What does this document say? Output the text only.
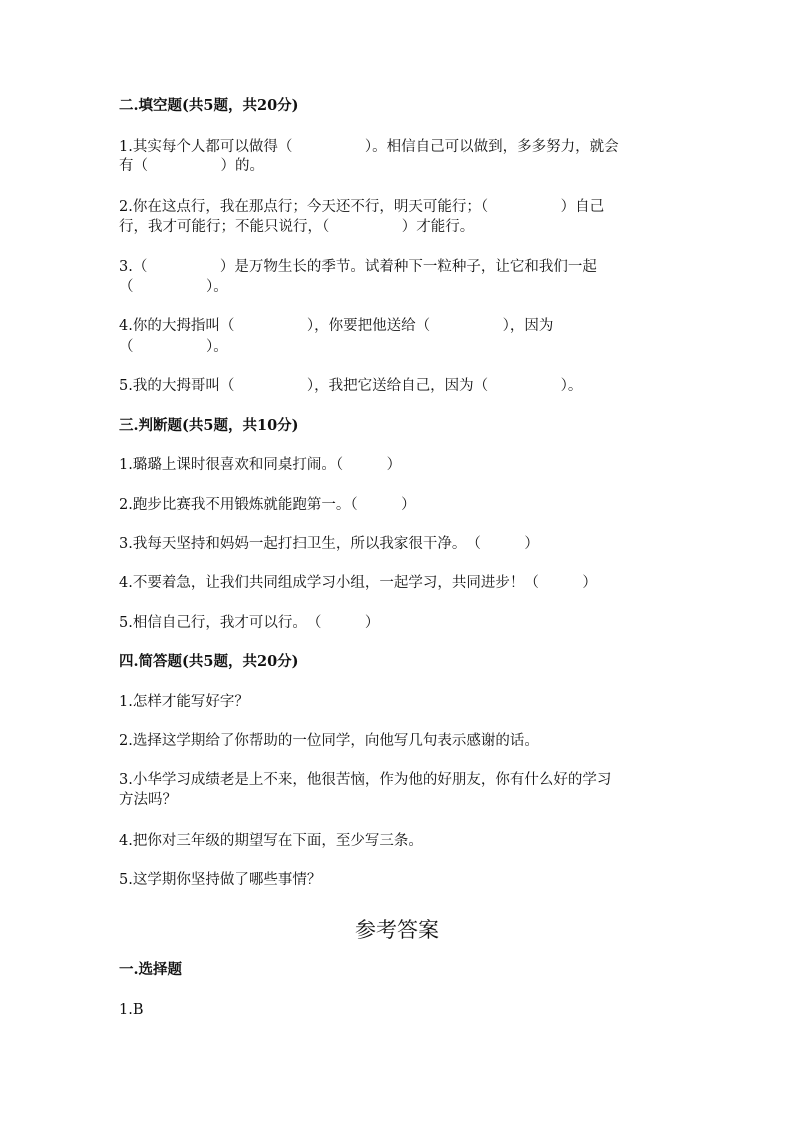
二.填空题(共5题，共20分)
1.其实每个人都可以做得（　　　　　）。相信自己可以做到，多多努力，就会
有（　　　　　）的。
2.你在这点行，我在那点行；今天还不行，明天可能行；（　　　　　）自己
行，我才可能行；不能只说行，（　　　　　）才能行。
3.（　　　　　）是万物生长的季节。试着种下一粒种子，让它和我们一起
（　　　　　）。
4.你的大拇指叫（　　　　　），你要把他送给（　　　　　），因为
（　　　　　）。
5.我的大拇哥叫（　　　　　），我把它送给自己，因为（　　　　　）。
三.判断题(共5题，共10分)
1.璐璐上课时很喜欢和同桌打闹。（　　　）
2.跑步比赛我不用锻炼就能跑第一。（　　　）
3.我每天坚持和妈妈一起打扫卫生，所以我家很干净。　（　　　）
4.不要着急，让我们共同组成学习小组，一起学习，共同进步！（　　　）
5.相信自己行，我才可以行。　（　　　）
四.简答题(共5题，共20分)
1.怎样才能写好字？
2.选择这学期给了你帮助的一位同学，向他写几句表示感谢的话。
3.小华学习成绩老是上不来，他很苦恼，作为他的好朋友，你有什么好的学习
方法吗？
4.把你对三年级的期望写在下面，至少写三条。
5.这学期你坚持做了哪些事情？
参考答案
一.选择题
1.B
